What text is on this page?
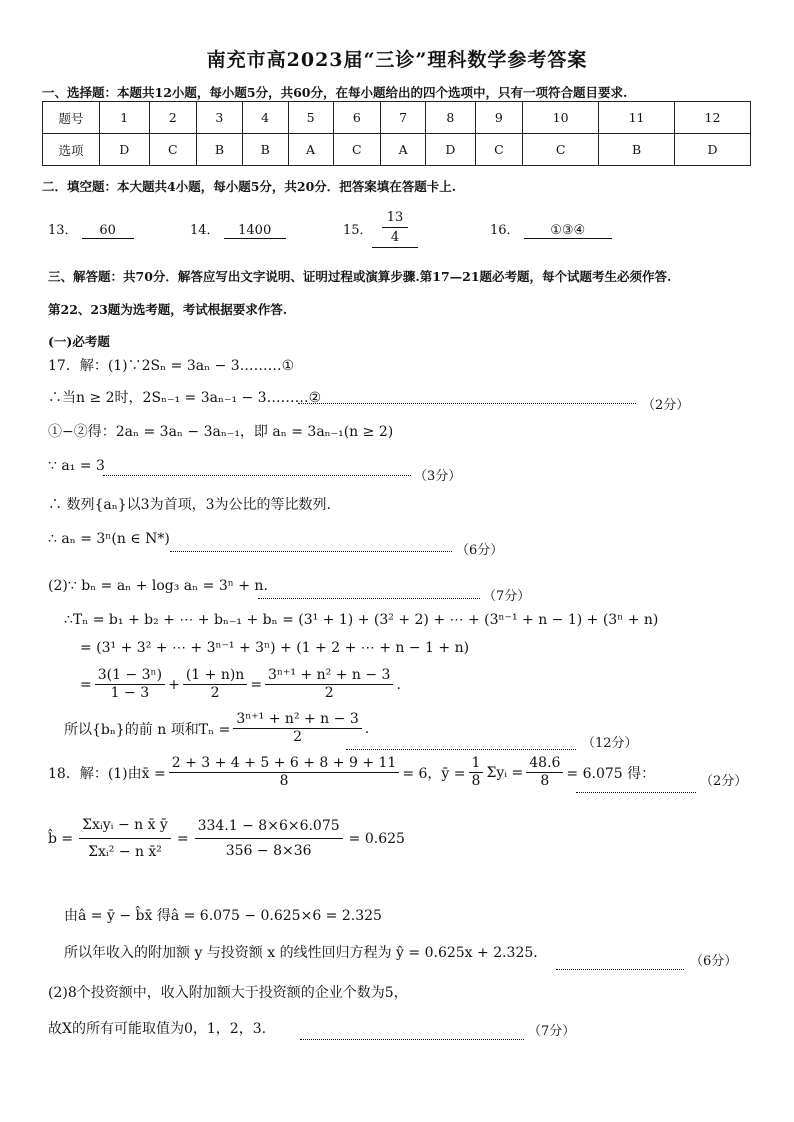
南充市高2023届“三诊”理科数学参考答案
一、选择题：本题共12小题，每小题5分，共60分，在每小题给出的四个选项中，只有一项符合题目要求.
题号	1	2	3	4	5	6	7	8	9	10	11	12
选项	D	C	B	B	A	C	A	D	C	C	B	D
二．填空题：本大题共4小题，每小题5分，共20分．把答案填在答题卡上.
13． 60	14． 1400	15．
13
4	16． ①③④
三、解答题：共70分．解答应写出文字说明、证明过程或演算步骤.第17—21题必考题，每个试题考生必须作答.
第22、23题为选考题，考试根据要求作答.
(一)必考题
17．解：(1)∵2Sₙ = 3aₙ − 3………①
∴当n ≥ 2时，2Sₙ₋₁ = 3aₙ₋₁ − 3………②	（2分）
①−②得：2aₙ = 3aₙ − 3aₙ₋₁，即 aₙ = 3aₙ₋₁(n ≥ 2)
∵ a₁ = 3
（3分）
∴ 数列{aₙ}以3为首项，3为公比的等比数列.
∴ aₙ = 3ⁿ(n ∈ N*)
（6分）
(2)∵ bₙ = aₙ + log₃ aₙ = 3ⁿ + n.
（7分）
∴Tₙ = b₁ + b₂ + ⋯ + bₙ₋₁ + bₙ = (3¹ + 1) + (3² + 2) + ⋯ + (3ⁿ⁻¹ + n − 1) + (3ⁿ + n)
= (3¹ + 3² + ⋯ + 3ⁿ⁻¹ + 3ⁿ) + (1 + 2 + ⋯ + n − 1 + n)
= $\frac{\text{3(1 − 3ⁿ)}}{1 - 3} + \frac{(1 + n)n}{2} = \frac{\text{3ⁿ⁺¹ + n² + n − 3}}{2}$ .
所以{bₙ}的前 n 项和$T_n = \frac{\text{3ⁿ⁺¹ + n² + n − 3}}{2}$ .
（12分）
18．解：(1)由x̄ = $\frac{2 + 3 + 4 + 5 + 6 + 8 + 9 + 11}{8} = 6$，ȳ = $\frac{1}{8}$ Σyᵢ = $\frac{48.6}{8} = 6.075$ 得：	（2分）
b̂ = $\frac{\text{Σxᵢyᵢ − n x̄ ȳ}}{\text{Σxᵢ² − n x̄²}} = \frac{334.1 - 8\times 6\times 6.075}{356 - 8\times 36} = 0.625$
由â = ȳ − b̂x̄ 得â = 6.075 − 0.625×6 = 2.325
所以年收入的附加额 y 与投资额 x 的线性回归方程为 ŷ = 0.625x + 2.325.
（6分）
(2)8个投资额中，收入附加额大于投资额的企业个数为5，
故X的所有可能取值为0，1，2，3.	（7分）
